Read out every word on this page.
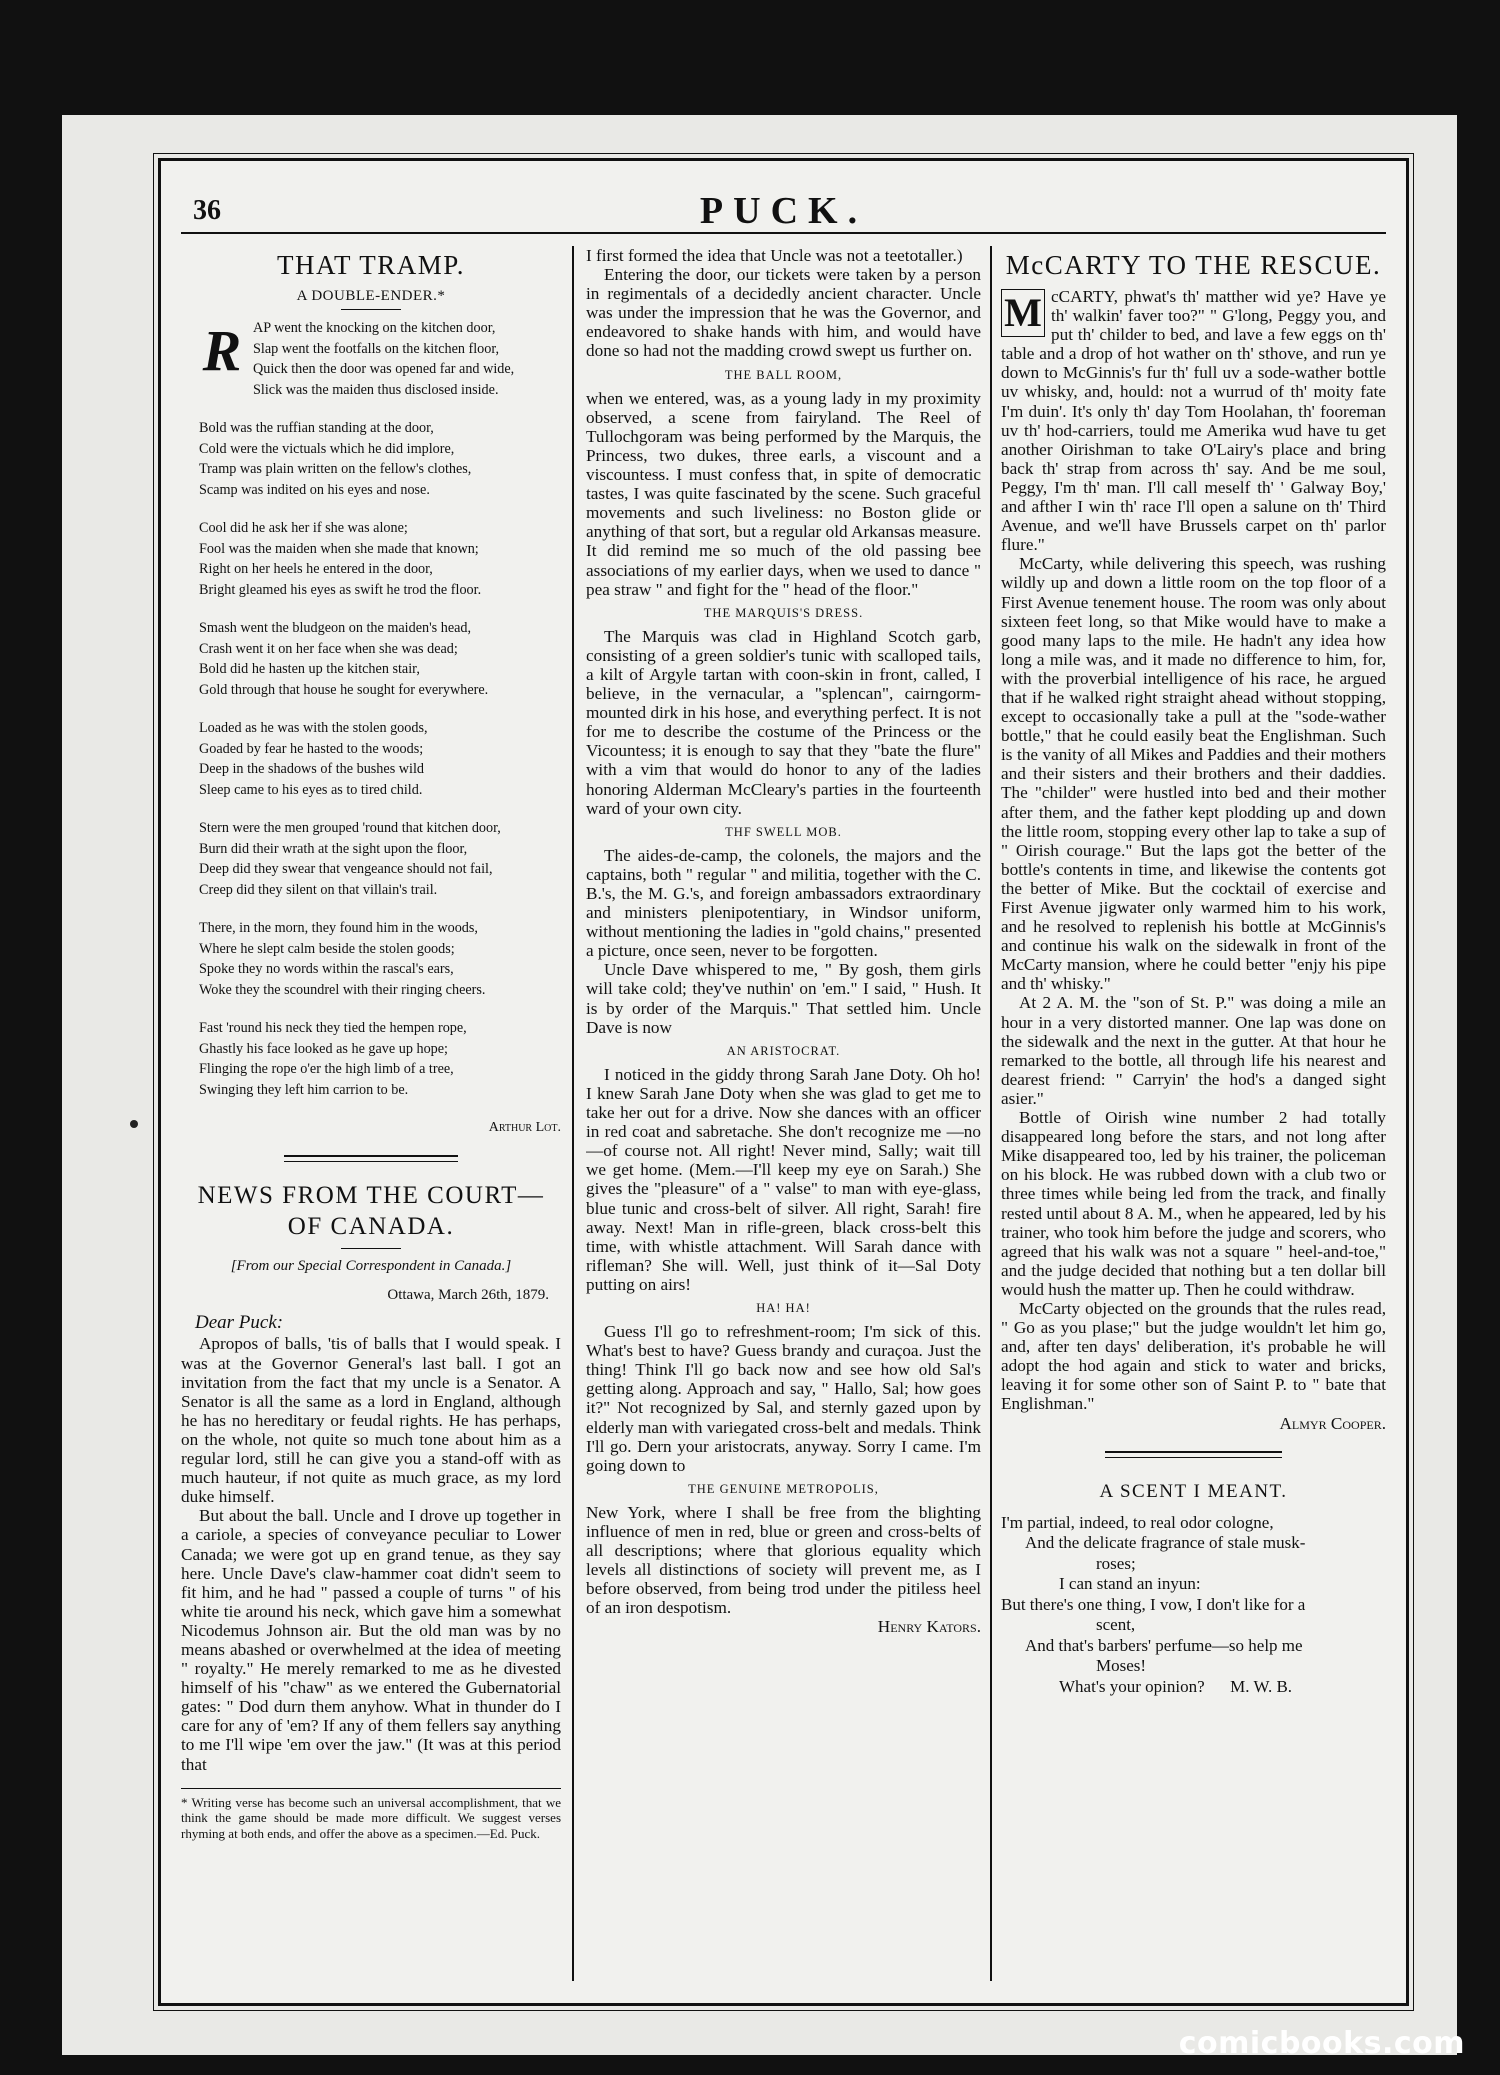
36	PUCK.
THAT TRAMP.
A DOUBLE-ENDER.*
R AP went the knocking on the kitchen door,
Slap went the footfalls on the kitchen floor,
Quick then the door was opened far and wide,
Slick was the maiden thus disclosed inside.
Bold was the ruffian standing at the door,
Cold were the victuals which he did implore,
Tramp was plain written on the fellow's clothes,
Scamp was indited on his eyes and nose.
Cool did he ask her if she was alone;
Fool was the maiden when she made that known;
Right on her heels he entered in the door,
Bright gleamed his eyes as swift he trod the floor.
Smash went the bludgeon on the maiden's head,
Crash went it on her face when she was dead;
Bold did he hasten up the kitchen stair,
Gold through that house he sought for everywhere.
Loaded as he was with the stolen goods,
Goaded by fear he hasted to the woods;
Deep in the shadows of the bushes wild
Sleep came to his eyes as to tired child.
Stern were the men grouped 'round that kitchen door,
Burn did their wrath at the sight upon the floor,
Deep did they swear that vengeance should not fail,
Creep did they silent on that villain's trail.
There, in the morn, they found him in the woods,
Where he slept calm beside the stolen goods;
Spoke they no words within the rascal's ears,
Woke they the scoundrel with their ringing cheers.
Fast 'round his neck they tied the hempen rope,
Ghastly his face looked as he gave up hope;
Flinging the rope o'er the high limb of a tree,
Swinging they left him carrion to be.
Arthur Lot.
NEWS FROM THE COURT—
OF CANADA.
[From our Special Correspondent in Canada.]
Ottawa, March 26th, 1879.
Dear Puck:

Apropos of balls, 'tis of balls that I would speak. I was at the Governor General's last ball. I got an invitation from the fact that my uncle is a Senator. A Senator is all the same as a lord in England, although he has no hereditary or feudal rights. He has perhaps, on the whole, not quite so much tone about him as a regular lord, still he can give you a stand-off with as much hauteur, if not quite as much grace, as my lord duke himself.

But about the ball. Uncle and I drove up together in a cariole, a species of conveyance peculiar to Lower Canada; we were got up en grand tenue, as they say here. Uncle Dave's claw-hammer coat didn't seem to fit him, and he had " passed a couple of turns " of his white tie around his neck, which gave him a somewhat Nicodemus Johnson air. But the old man was by no means abashed or overwhelmed at the idea of meeting " royalty." He merely remarked to me as he divested himself of his "chaw" as we entered the Gubernatorial gates: " Dod durn them anyhow. What in thunder do I care for any of 'em? If any of them fellers say anything to me I'll wipe 'em over the jaw." (It was at this period that

* Writing verse has become such an universal accomplishment, that we think the game should be made more difficult. We suggest verses rhyming at both ends, and offer the above as a specimen.—Ed. Puck.

I first formed the idea that Uncle was not a teetotaller.)

Entering the door, our tickets were taken by a person in regimentals of a decidedly ancient character. Uncle was under the impression that he was the Governor, and endeavored to shake hands with him, and would have done so had not the madding crowd swept us further on.

THE BALL ROOM,

when we entered, was, as a young lady in my proximity observed, a scene from fairyland. The Reel of Tullochgoram was being performed by the Marquis, the Princess, two dukes, three earls, a viscount and a viscountess. I must confess that, in spite of democratic tastes, I was quite fascinated by the scene. Such graceful movements and such liveliness: no Boston glide or anything of that sort, but a regular old Arkansas measure. It did remind me so much of the old passing bee associations of my earlier days, when we used to dance " pea straw " and fight for the " head of the floor."

THE MARQUIS'S DRESS.

The Marquis was clad in Highland Scotch garb, consisting of a green soldier's tunic with scalloped tails, a kilt of Argyle tartan with coon-skin in front, called, I believe, in the vernacular, a "splencan", cairngorm-mounted dirk in his hose, and everything perfect. It is not for me to describe the costume of the Princess or the Vicountess; it is enough to say that they "bate the flure" with a vim that would do honor to any of the ladies honoring Alderman McCleary's parties in the fourteenth ward of your own city.

THF SWELL MOB.

The aides-de-camp, the colonels, the majors and the captains, both " regular " and militia, together with the C. B.'s, the M. G.'s, and foreign ambassadors extraordinary and ministers plenipotentiary, in Windsor uniform, without mentioning the ladies in "gold chains," presented a picture, once seen, never to be forgotten.

Uncle Dave whispered to me, " By gosh, them girls will take cold; they've nuthin' on 'em." I said, " Hush. It is by order of the Marquis." That settled him. Uncle Dave is now

AN ARISTOCRAT.

I noticed in the giddy throng Sarah Jane Doty. Oh ho! I knew Sarah Jane Doty when she was glad to get me to take her out for a drive. Now she dances with an officer in red coat and sabretache. She don't recognize me —no—of course not. All right! Never mind, Sally; wait till we get home. (Mem.—I'll keep my eye on Sarah.) She gives the "pleasure" of a " valse" to man with eye-glass, blue tunic and cross-belt of silver. All right, Sarah! fire away. Next! Man in rifle-green, black cross-belt this time, with whistle attachment. Will Sarah dance with rifleman? She will. Well, just think of it—Sal Doty putting on airs!

HA! HA!

Guess I'll go to refreshment-room; I'm sick of this. What's best to have? Guess brandy and curaçoa. Just the thing! Think I'll go back now and see how old Sal's getting along. Approach and say, " Hallo, Sal; how goes it?" Not recognized by Sal, and sternly gazed upon by elderly man with variegated cross-belt and medals. Think I'll go. Dern your aristocrats, anyway. Sorry I came. I'm going down to

THE GENUINE METROPOLIS,

New York, where I shall be free from the blighting influence of men in red, blue or green and cross-belts of all descriptions; where that glorious equality which levels all distinctions of society will prevent me, as I before observed, from being trod under the pitiless heel of an iron despotism.

Henry Kators.
McCARTY TO THE RESCUE.

M cCARTY, phwat's th' matther wid ye? Have ye th' walkin' faver too?" " G'long, Peggy you, and put th' childer to bed, and lave a few eggs on th' table and a drop of hot wather on th' sthove, and run ye down to McGinnis's fur th' full uv a sode-wather bottle uv whisky, and, hould: not a wurrud of th' moity fate I'm duin'. It's only th' day Tom Hoolahan, th' fooreman uv th' hod-carriers, tould me Amerika wud have tu get another Oirishman to take O'Lairy's place and bring back th' strap from across th' say. And be me soul, Peggy, I'm th' man. I'll call meself th' ' Galway Boy,' and afther I win th' race I'll open a salune on th' Third Avenue, and we'll have Brussels carpet on th' parlor flure."

McCarty, while delivering this speech, was rushing wildly up and down a little room on the top floor of a First Avenue tenement house. The room was only about sixteen feet long, so that Mike would have to make a good many laps to the mile. He hadn't any idea how long a mile was, and it made no difference to him, for, with the proverbial intelligence of his race, he argued that if he walked right straight ahead without stopping, except to occasionally take a pull at the "sode-wather bottle," that he could easily beat the Englishman. Such is the vanity of all Mikes and Paddies and their mothers and their sisters and their brothers and their daddies. The "childer" were hustled into bed and their mother after them, and the father kept plodding up and down the little room, stopping every other lap to take a sup of " Oirish courage." But the laps got the better of the bottle's contents in time, and likewise the contents got the better of Mike. But the cocktail of exercise and First Avenue jigwater only warmed him to his work, and he resolved to replenish his bottle at McGinnis's and continue his walk on the sidewalk in front of the McCarty mansion, where he could better "enjy his pipe and th' whisky."

At 2 A. M. the "son of St. P." was doing a mile an hour in a very distorted manner. One lap was done on the sidewalk and the next in the gutter. At that hour he remarked to the bottle, all through life his nearest and dearest friend: " Carryin' the hod's a danged sight asier."

Bottle of Oirish wine number 2 had totally disappeared long before the stars, and not long after Mike disappeared too, led by his trainer, the policeman on his block. He was rubbed down with a club two or three times while being led from the track, and finally rested until about 8 A. M., when he appeared, led by his trainer, who took him before the judge and scorers, who agreed that his walk was not a square " heel-and-toe," and the judge decided that nothing but a ten dollar bill would hush the matter up. Then he could withdraw.

McCarty objected on the grounds that the rules read, " Go as you plase;" but the judge wouldn't let him go, and, after ten days' deliberation, it's probable he will adopt the hod again and stick to water and bricks, leaving it for some other son of Saint P. to " bate that Englishman."

Almyr Cooper.
A SCENT I MEANT.
I'm partial, indeed, to real odor cologne,
And the delicate fragrance of stale musk-
roses;
I can stand an inyun:
But there's one thing, I vow, I don't like for a
scent,
And that's barbers' perfume—so help me
Moses!
What's your opinion? M. W. B.
comicbooks.com
